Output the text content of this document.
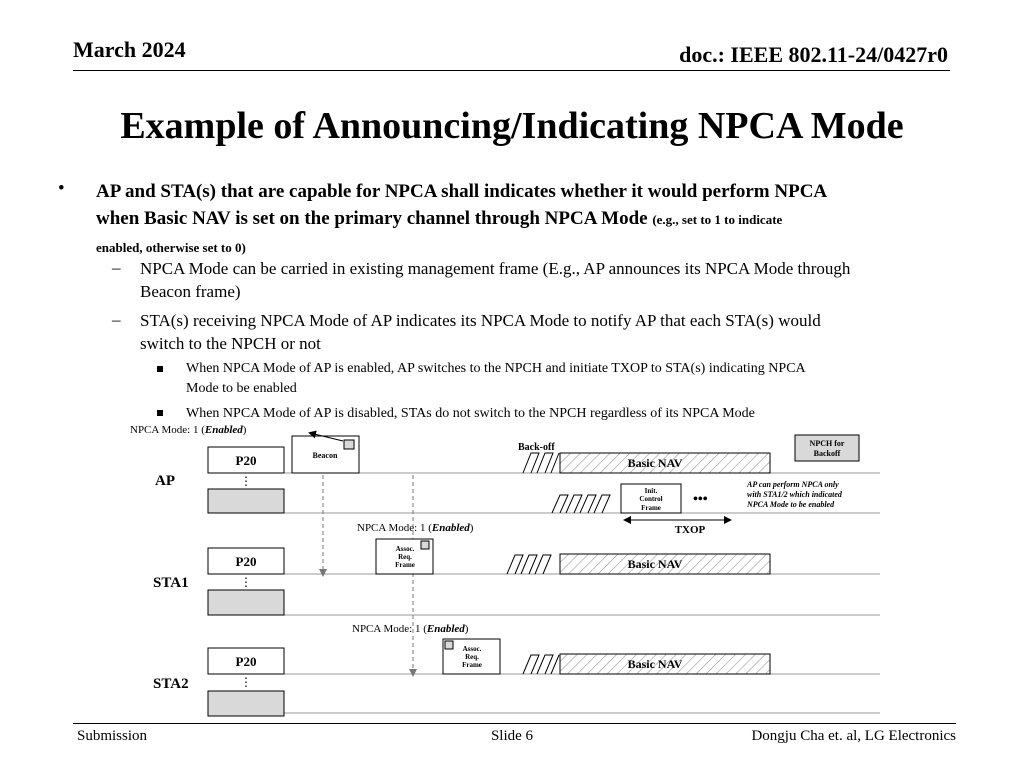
March 2024	doc.: IEEE 802.11-24/0427r0
Example of Announcing/Indicating NPCA Mode
• AP and STA(s) that are capable for NPCA shall indicates whether it would perform NPCA
when Basic NAV is set on the primary channel through NPCA Mode (e.g., set to 1 to indicate
enabled, otherwise set to 0)
– NPCA Mode can be carried in existing management frame (E.g., AP announces its NPCA Mode through
Beacon frame)
– STA(s) receiving NPCA Mode of AP indicates its NPCA Mode to notify AP that each STA(s) would
switch to the NPCH or not
When NPCA Mode of AP is enabled, AP switches to the NPCH and initiate TXOP to STA(s) indicating NPCA
Mode to be enabled
When NPCA Mode of AP is disabled, STAs do not switch to the NPCH regardless of its NPCA Mode
NPCA Mode: 1 (Enabled)
AP
STA1
STA2
P20
⋮
P20
⋮
P20
⋮
Beacon
Back-off
Basic NAV
NPCH for
Backoff
Init.
Control
Frame
•••
TXOP
AP can perform NPCA only
with STA1/2 which indicated
NPCA Mode to be enabled
NPCA Mode: 1 (Enabled)
Assoc.
Req.
Frame	Basic NAV
NPCA Mode: 1 (Enabled)
Assoc.
Req.
Frame	Basic NAV
Submission	Slide 6	Dongju Cha et. al, LG Electronics
